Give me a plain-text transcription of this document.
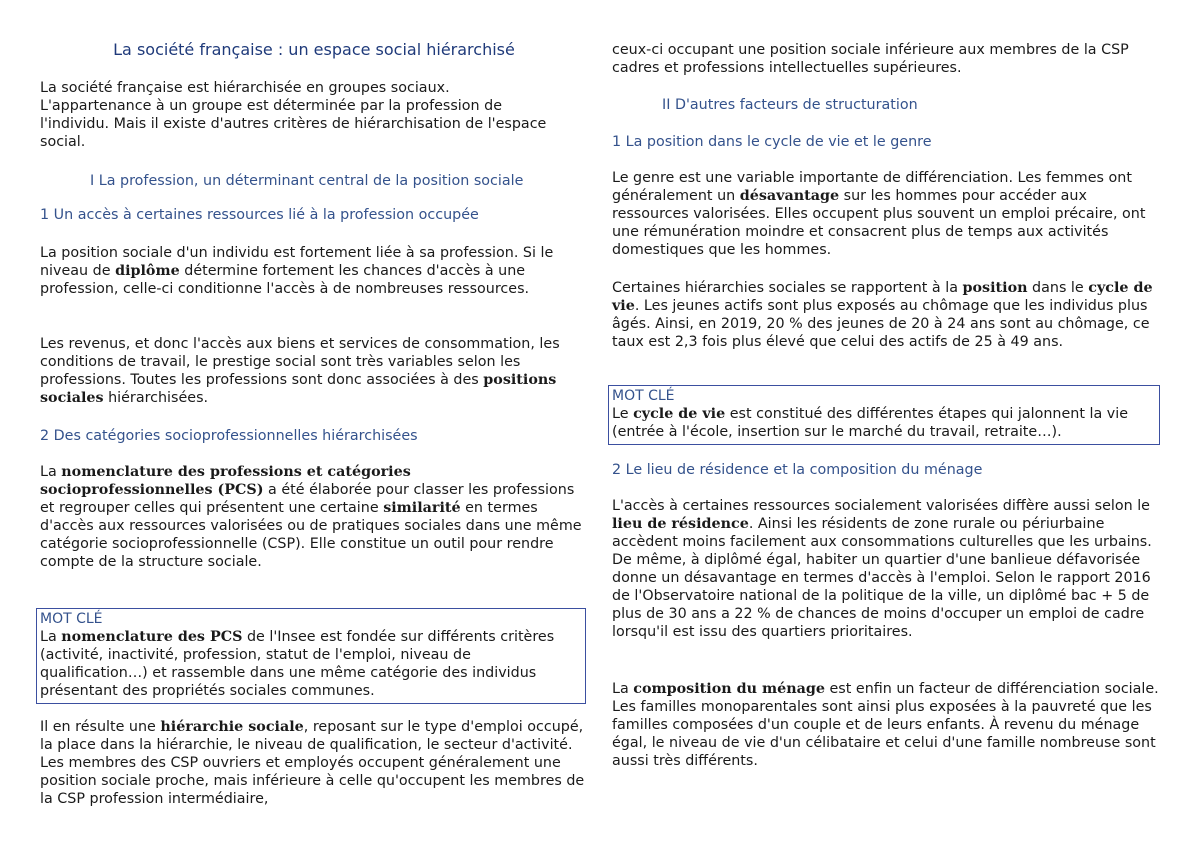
La société française : un espace social hiérarchisé

La société française est hiérarchisée en groupes sociaux. L'appartenance à un groupe est déterminée par la profession de l'individu. Mais il existe d'autres critères de hiérarchisation de l'espace social.

I La profession, un déterminant central de la position sociale
1 Un accès à certaines ressources lié à la profession occupée

La position sociale d'un individu est fortement liée à sa profession. Si le niveau de diplôme détermine fortement les chances d'accès à une profession, celle-ci conditionne l'accès à de nombreuses ressources.

Les revenus, et donc l'accès aux biens et services de consommation, les conditions de travail, le prestige social sont très variables selon les professions. Toutes les professions sont donc associées à des positions sociales hiérarchisées.

2 Des catégories socioprofessionnelles hiérarchisées

La nomenclature des professions et catégories socioprofessionnelles (PCS) a été élaborée pour classer les professions et regrouper celles qui présentent une certaine similarité en termes d'accès aux ressources valorisées ou de pratiques sociales dans une même catégorie socioprofessionnelle (CSP). Elle constitue un outil pour rendre compte de la structure sociale.

MOT CLÉ
La nomenclature des PCS de l'Insee est fondée sur différents critères (activité, inactivité, profession, statut de l'emploi, niveau de qualification…) et rassemble dans une même catégorie des individus présentant des propriétés sociales communes.

Il en résulte une hiérarchie sociale, reposant sur le type d'emploi occupé, la place dans la hiérarchie, le niveau de qualification, le secteur d'activité. Les membres des CSP ouvriers et employés occupent généralement une position sociale proche, mais inférieure à celle qu'occupent les membres de la CSP profession intermédiaire,

ceux-ci occupant une position sociale inférieure aux membres de la CSP cadres et professions intellectuelles supérieures.

II D'autres facteurs de structuration
1 La position dans le cycle de vie et le genre

Le genre est une variable importante de différenciation. Les femmes ont généralement un désavantage sur les hommes pour accéder aux ressources valorisées. Elles occupent plus souvent un emploi précaire, ont une rémunération moindre et consacrent plus de temps aux activités domestiques que les hommes.

Certaines hiérarchies sociales se rapportent à la position dans le cycle de vie. Les jeunes actifs sont plus exposés au chômage que les individus plus âgés. Ainsi, en 2019, 20 % des jeunes de 20 à 24 ans sont au chômage, ce taux est 2,3 fois plus élevé que celui des actifs de 25 à 49 ans.

MOT CLÉ
Le cycle de vie est constitué des différentes étapes qui jalonnent la vie (entrée à l'école, insertion sur le marché du travail, retraite…).
2 Le lieu de résidence et la composition du ménage

L'accès à certaines ressources socialement valorisées diffère aussi selon le lieu de résidence. Ainsi les résidents de zone rurale ou périurbaine accèdent moins facilement aux consommations culturelles que les urbains. De même, à diplômé égal, habiter un quartier d'une banlieue défavorisée donne un désavantage en termes d'accès à l'emploi. Selon le rapport 2016 de l'Observatoire national de la politique de la ville, un diplômé bac + 5 de plus de 30 ans a 22 % de chances de moins d'occuper un emploi de cadre lorsqu'il est issu des quartiers prioritaires.

La composition du ménage est enfin un facteur de différenciation sociale. Les familles monoparentales sont ainsi plus exposées à la pauvreté que les familles composées d'un couple et de leurs enfants. À revenu du ménage égal, le niveau de vie d'un célibataire et celui d'une famille nombreuse sont aussi très différents.
